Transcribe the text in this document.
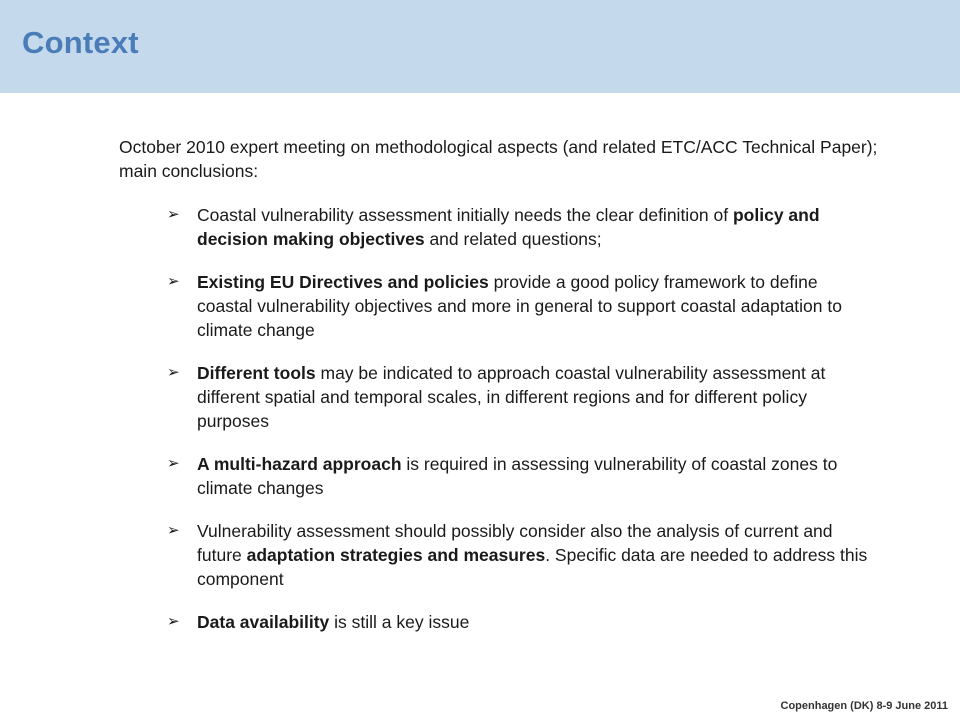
Context

October 2010 expert meeting on methodological aspects (and related ETC/ACC Technical Paper); main conclusions:

➢ Coastal vulnerability assessment initially needs the clear definition of policy and decision making objectives and related questions;
➢ Existing EU Directives and policies provide a good policy framework to define coastal vulnerability objectives and more in general to support coastal adaptation to climate change
➢ Different tools may be indicated to approach coastal vulnerability assessment at different spatial and temporal scales, in different regions and for different policy purposes
➢ A multi-hazard approach is required in assessing vulnerability of coastal zones to climate changes
➢ Vulnerability assessment should possibly consider also the analysis of current and future adaptation strategies and measures. Specific data are needed to address this component
➢ Data availability is still a key issue
Copenhagen (DK) 8-9 June 2011
